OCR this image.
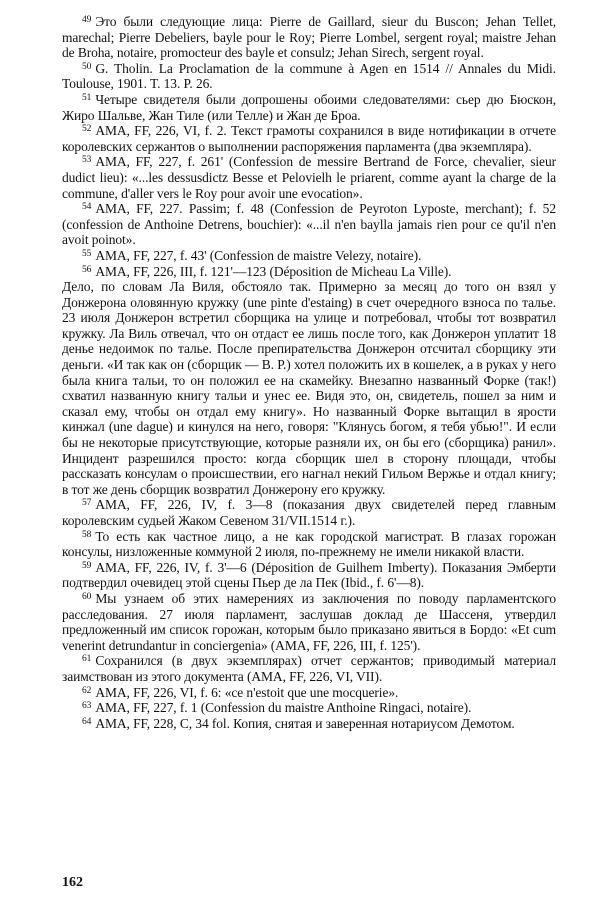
$^{49}$ Это были следующие лица: Pierre de Gaillard, sieur du Buscon; Jehan Tellet, marechal; Pierre Debeliers, bayle pour le Roy; Pierre Lombel, sergent royal; maistre Jehan de Broha, notaire, promocteur des bayle et consulz; Jehan Sirech, sergent royal.

$^{50}$ G. Tholin. La Proclamation de la commune à Agen en 1514 // Annales du Midi. Toulouse, 1901. T. 13. P. 26.

$^{51}$ Четыре свидетеля были допрошены обоими следователями: сьер дю Бюскон, Жиро Шальве, Жан Тиле (или Телле) и Жан де Броа.

$^{52}$ AMA, FF, 226, VI, f. 2. Текст грамоты сохранился в виде нотификации в отчете королевских сержантов о выполнении распоряжения парламента (два экземпляра).

$^{53}$ AMA, FF, 227, f. 261' (Confession de messire Bertrand de Force, chevalier, sieur dudict lieu): «...les dessusdictz Besse et Pelovielh le priarent, comme ayant la charge de la commune, d'aller vers le Roy pour avoir une evocation».

$^{54}$ AMA, FF, 227. Passim; f. 48 (Confession de Peyroton Lyposte, merchant); f. 52 (confession de Anthoine Detrens, bouchier): «...il n'en baylla jamais rien pour ce qu'il n'en avoit poinot».

$^{55}$ AMA, FF, 227, f. 43' (Confession de maistre Velezy, notaire).

$^{56}$ AMA, FF, 226, III, f. 121'—123 (Déposition de Micheau La Ville).

Дело, по словам Ла Виля, обстояло так. Примерно за месяц до того он взял у Донжерона оловянную кружку (une pinte d'estaing) в счет очередного взноса по талье. 23 июля Донжерон встретил сборщика на улице и потребовал, чтобы тот возвратил кружку. Ла Виль отвечал, что он отдаст ее лишь после того, как Донжерон уплатит 18 денье недоимок по талье. После препирательства Донжерон отсчитал сборщику эти деньги. «И так как он (сборщик — В. Р.) хотел положить их в кошелек, а в руках у него была книга тальи, то он положил ее на скамейку. Внезапно названный Форке (так!) схватил названную книгу тальи и унес ее. Видя это, он, свидетель, пошел за ним и сказал ему, чтобы он отдал ему книгу». Но названный Форке вытащил в ярости кинжал (une dague) и кинулся на него, говоря: "Клянусь богом, я тебя убью!". И если бы не некоторые присутствующие, которые разняли их, он бы его (сборщика) ранил». Инцидент разрешился просто: когда сборщик шел в сторону площади, чтобы рассказать консулам о происшествии, его нагнал некий Гильом Вержье и отдал книгу; в тот же день сборщик возвратил Донжерону его кружку.

$^{57}$ AMA, FF, 226, IV, f. 3—8 (показания двух свидетелей перед главным королевским судьей Жаком Севеном 31/VII.1514 г.).

$^{58}$ То есть как частное лицо, а не как городской магистрат. В глазах горожан консулы, низложенные коммуной 2 июля, по-прежнему не имели никакой власти.

$^{59}$ AMA, FF, 226, IV, f. 3'—6 (Déposition de Guilhem Imberty). Показания Эмберти подтвердил очевидец этой сцены Пьер де ла Пек (Ibid., f. 6'—8).

$^{60}$ Мы узнаем об этих намерениях из заключения по поводу парламентского расследования. 27 июля парламент, заслушав доклад де Шассеня, утвердил предложенный им список горожан, которым было приказано явиться в Бордо: «Et cum venerint detrundantur in conciergenia» (AMA, FF, 226, III, f. 125').

$^{61}$ Сохранился (в двух экземплярах) отчет сержантов; приводимый материал заимствован из этого документа (AMA, FF, 226, VI, VII).

$^{62}$ AMA, FF, 226, VI, f. 6: «ce n'estoit que une mocquerie».

$^{63}$ AMA, FF, 227, f. 1 (Confession du maistre Anthoine Ringaci, notaire).

$^{64}$ AMA, FF, 228, C, 34 fol. Копия, снятая и заверенная нотариусом Демотом.

162
